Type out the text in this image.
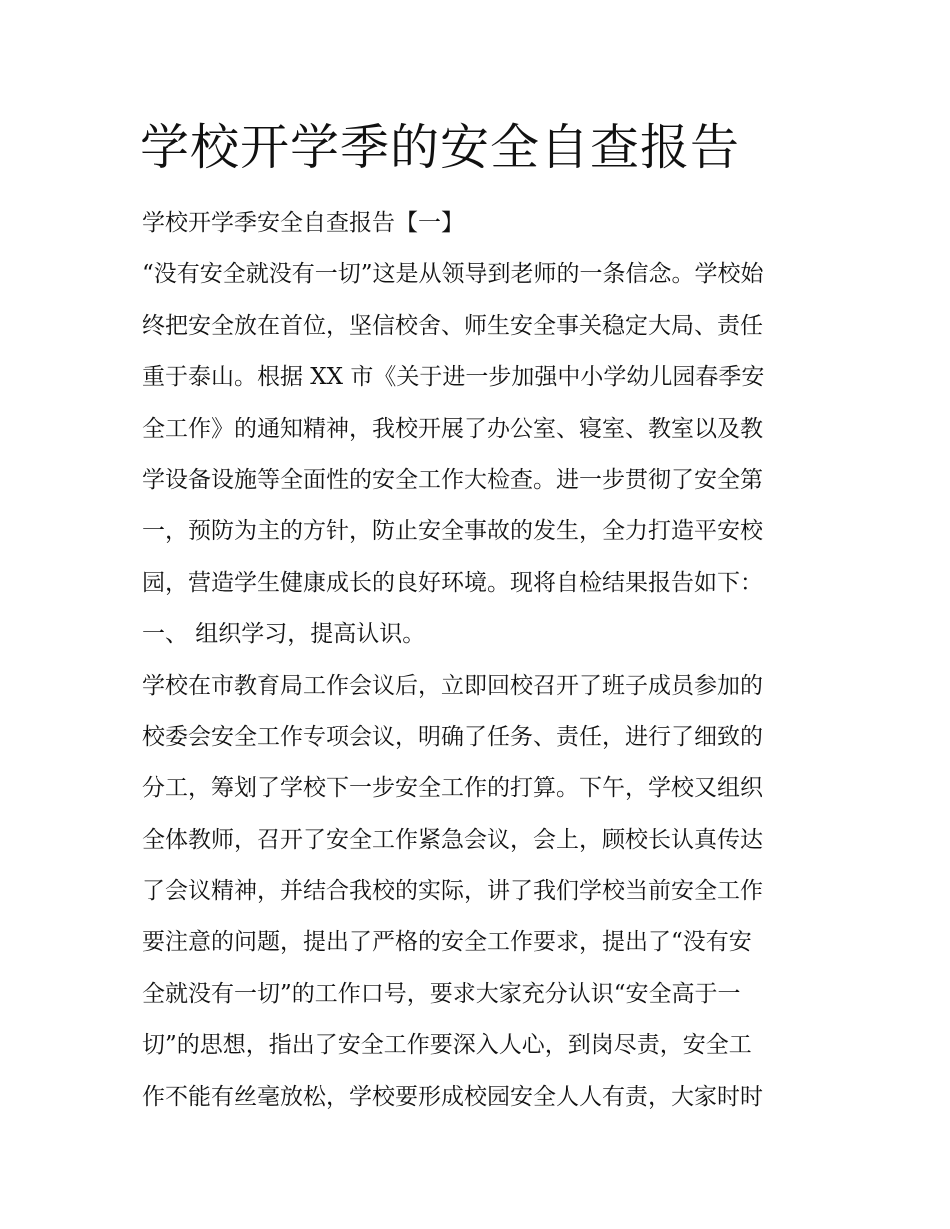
学校开学季的安全自查报告
学校开学季安全自查报告【一】
“没有安全就没有一切”这是从领导到老师的一条信念。学校始
终把安全放在首位，坚信校舍、师生安全事关稳定大局、责任
重于泰山。根据 XX 市《关于进一步加强中小学幼儿园春季安
全工作》的通知精神，我校开展了办公室、寝室、教室以及教
学设备设施等全面性的安全工作大检查。进一步贯彻了安全第
一，预防为主的方针，防止安全事故的发生，全力打造平安校
园，营造学生健康成长的良好环境。现将自检结果报告如下：
一、 组织学习，提高认识。
学校在市教育局工作会议后，立即回校召开了班子成员参加的
校委会安全工作专项会议，明确了任务、责任，进行了细致的
分工，筹划了学校下一步安全工作的打算。下午，学校又组织
全体教师，召开了安全工作紧急会议，会上，顾校长认真传达
了会议精神，并结合我校的实际，讲了我们学校当前安全工作
要注意的问题，提出了严格的安全工作要求，提出了“没有安
全就没有一切”的工作口号，要求大家充分认识“安全高于一
切”的思想，指出了安全工作要深入人心，到岗尽责，安全工
作不能有丝毫放松，学校要形成校园安全人人有责，大家时时
